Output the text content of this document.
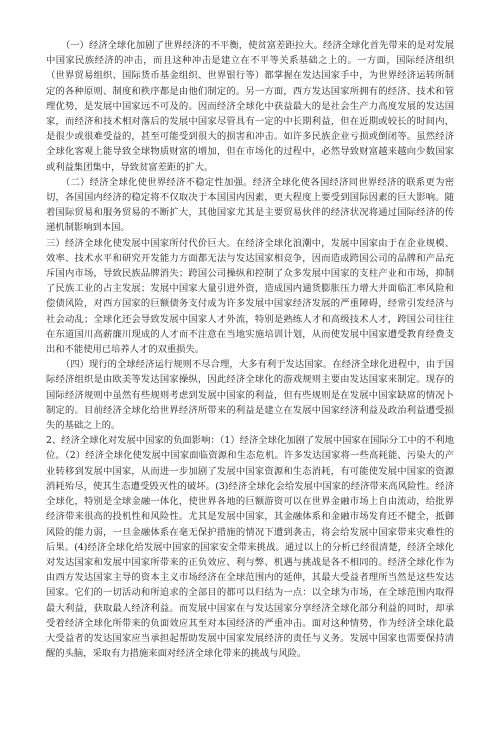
（一）经济全球化加剧了世界经济的不平衡，使贫富差距拉大。经济全球化首先带来的是对发展中国家民族经济的冲击，而且这种冲击是建立在不平等关系基础之上的。一方面，国际经济组织（世界贸易组织、国际货币基金组织、世界银行等）都掌握在发达国家手中，为世界经济运转所制定的各种原则、制度和秩序都是由他们制定的。另一方面，西方发达国家所拥有的经济、技术和管理优势，是发展中国家远不可及的。因而经济全球化中获益最大的是社会生产力高度发展的发达国家，而经济和技术相对落后的发展中国家尽管具有一定的中长期利益，但在近期或较长的时间内，是很少或很难受益的，甚至可能受到很大的损害和冲击。如许多民族企业亏损或倒闭等。虽然经济全球化客观上能导致全球物质财富的增加，但在市场化的过程中，必然导致财富越来越向少数国家或利益集团集中，导致贫富差距的扩大。

（二）经济全球化使世界经济不稳定性加强。经济全球化使各国经济同世界经济的联系更为密切，各国国内经济的稳定将不仅取决于本国国内因素，更大程度上要受到国际因素的巨大影响。随着国际贸易和服务贸易的不断扩大，其他国家尤其是主要贸易伙伴的经济状况将通过国际经济的传递机制影响到本国。

三）经济全球化使发展中国家所付代价巨大。在经济全球化浪潮中，发展中国家由于在企业规模、效率、技术水平和研究开发能力方面都无法与发达国家相竞争，因而造成跨国公司的品牌和产品充斥国内市场，导致民族品牌消失；跨国公司操纵和控制了众多发展中国家的支柱产业和市场，抑制了民族工业的占主发展；发展中国家大量引进外资，造成国内通货膨胀压力增大并面临汇率风险和偿债风险，对西方国家的巨额债务支付成为许多发展中国家经济发展的严重障碍，经常引发经济与社会动乱；全球化还会导致发展中国家人才外流，特别是熟练人才和高级技术人才，跨国公司往往在东道国川高薪廉川现成的人才而不注意在当地实施培训计划，从而使发展中国家遭受教育经费支出和不能使用已培养人才的双重损失。

（四）现行的全球经济运行规则不尽合理，大多有利于发达国家。在经济全球化进程中，由于国际经济组织是由欧美等发达国家操纵，因此经济全球化的游戏规则主要由发达国家来制定。现存的国际经济规则中虽然有些规则考虑到发展中国家的利益，但有些规则是在发展中国家缺席的情况卜制定的。目前经济全球化给世界经济所带来的利益是建立在发展中国家经济利益及政治利益遭受损失的基础之上的。

2、经济全球化对发展中国家的负面影响：（1）经济全球化加剧了发展中国家在国际分工中的不利地位。（2）经济全球化使发展中国家面临资源和生态危机。许多发达国家将一些高耗能、污染大的产业转移到发展中国家，从而进一步加剧了发展中国家资源和生态消耗，有可能使发展中国家的资源消耗殆尽，使其生态遭受毁灭性的破坏。(3)经济全球化会给发展中国家的经济带来高风险性。经济全球化，特别是全球金融一体化，使世界各地的巨额游资可以在世界金融市场上自由流动，给批界经济带来很高的投机性和风险性。尤其是发展中国家，其金融体系和金融市场发育还不健全，抵御风险的能力弱，一旦金融体系在毫无保护措施的情况下遭到袭击，将会给发展中国家带来灾难性的后果。(4)经济全球化给发展中国家的国家安全带来挑战。通过以上的分析已经很清楚，经济全球化对发达国家和发展中国家所带来的正负效应、利与弊、机遇与挑战是各不相同的。经济全球化作为由西方发达国家主导的资本主义市场经济在全球范围内的延伸，其最大受益者理所当然是这些发达国家。它们的一切活动和所追求的全部目的都可以归结为一点：以全球为市场，在全球范围内取得最大利益，获取最人经济利益。而发展中国家在与发达国家分享经济全球化部分利益的同时，却承受着经济全球化所带来的负面效应其至对本国经济的严重冲击。面对这种情势，作为经济全球化最大受益者的发达国家应当承担起帮助发展中国家发展经济的责任与义务。发展中国家也需要保持清醒的头脑，采取有力措施来面对经济全球化带来的挑战与风险。
